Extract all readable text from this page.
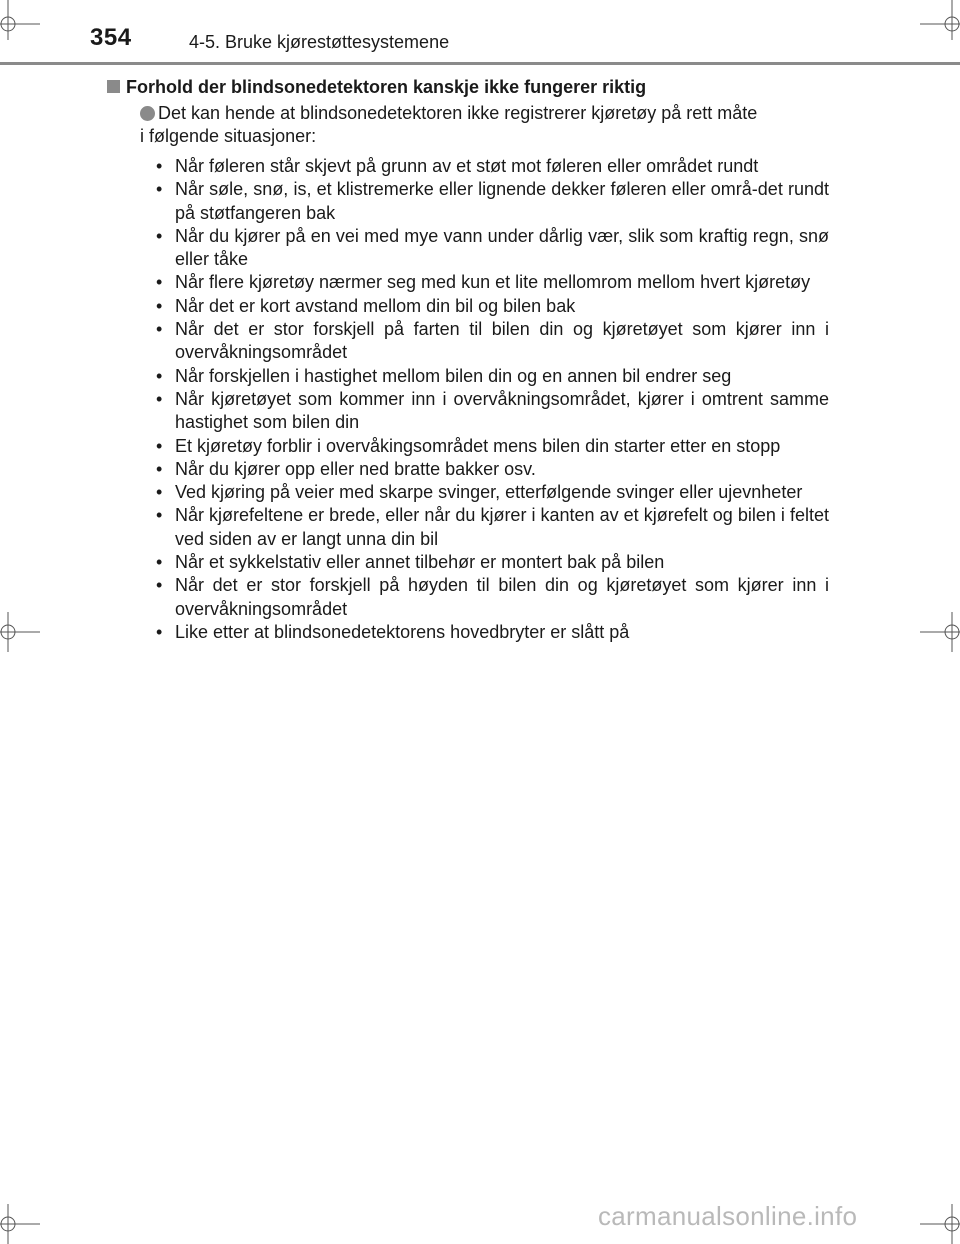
354	4-5. Bruke kjørestøttesystemene
Forhold der blindsonedetektoren kanskje ikke fungerer riktig
Det kan hende at blindsonedetektoren ikke registrerer kjøretøy på rett måte
i følgende situasjoner:
• Når føleren står skjevt på grunn av et støt mot føleren eller området rundt
• Når søle, snø, is, et klistremerke eller lignende dekker føleren eller områ-det rundt på støtfangeren bak
• Når du kjører på en vei med mye vann under dårlig vær, slik som kraftig regn, snø eller tåke
• Når flere kjøretøy nærmer seg med kun et lite mellomrom mellom hvert kjøretøy
• Når det er kort avstand mellom din bil og bilen bak
• Når det er stor forskjell på farten til bilen din og kjøretøyet som kjører inn i overvåkningsområdet
• Når forskjellen i hastighet mellom bilen din og en annen bil endrer seg
• Når kjøretøyet som kommer inn i overvåkningsområdet, kjører i omtrent samme hastighet som bilen din
• Et kjøretøy forblir i overvåkingsområdet mens bilen din starter etter en stopp
• Når du kjører opp eller ned bratte bakker osv.
• Ved kjøring på veier med skarpe svinger, etterfølgende svinger eller ujevnheter
• Når kjørefeltene er brede, eller når du kjører i kanten av et kjørefelt og bilen i feltet ved siden av er langt unna din bil
• Når et sykkelstativ eller annet tilbehør er montert bak på bilen
• Når det er stor forskjell på høyden til bilen din og kjøretøyet som kjører inn i overvåkningsområdet
• Like etter at blindsonedetektorens hovedbryter er slått på
carmanualsonline.info
